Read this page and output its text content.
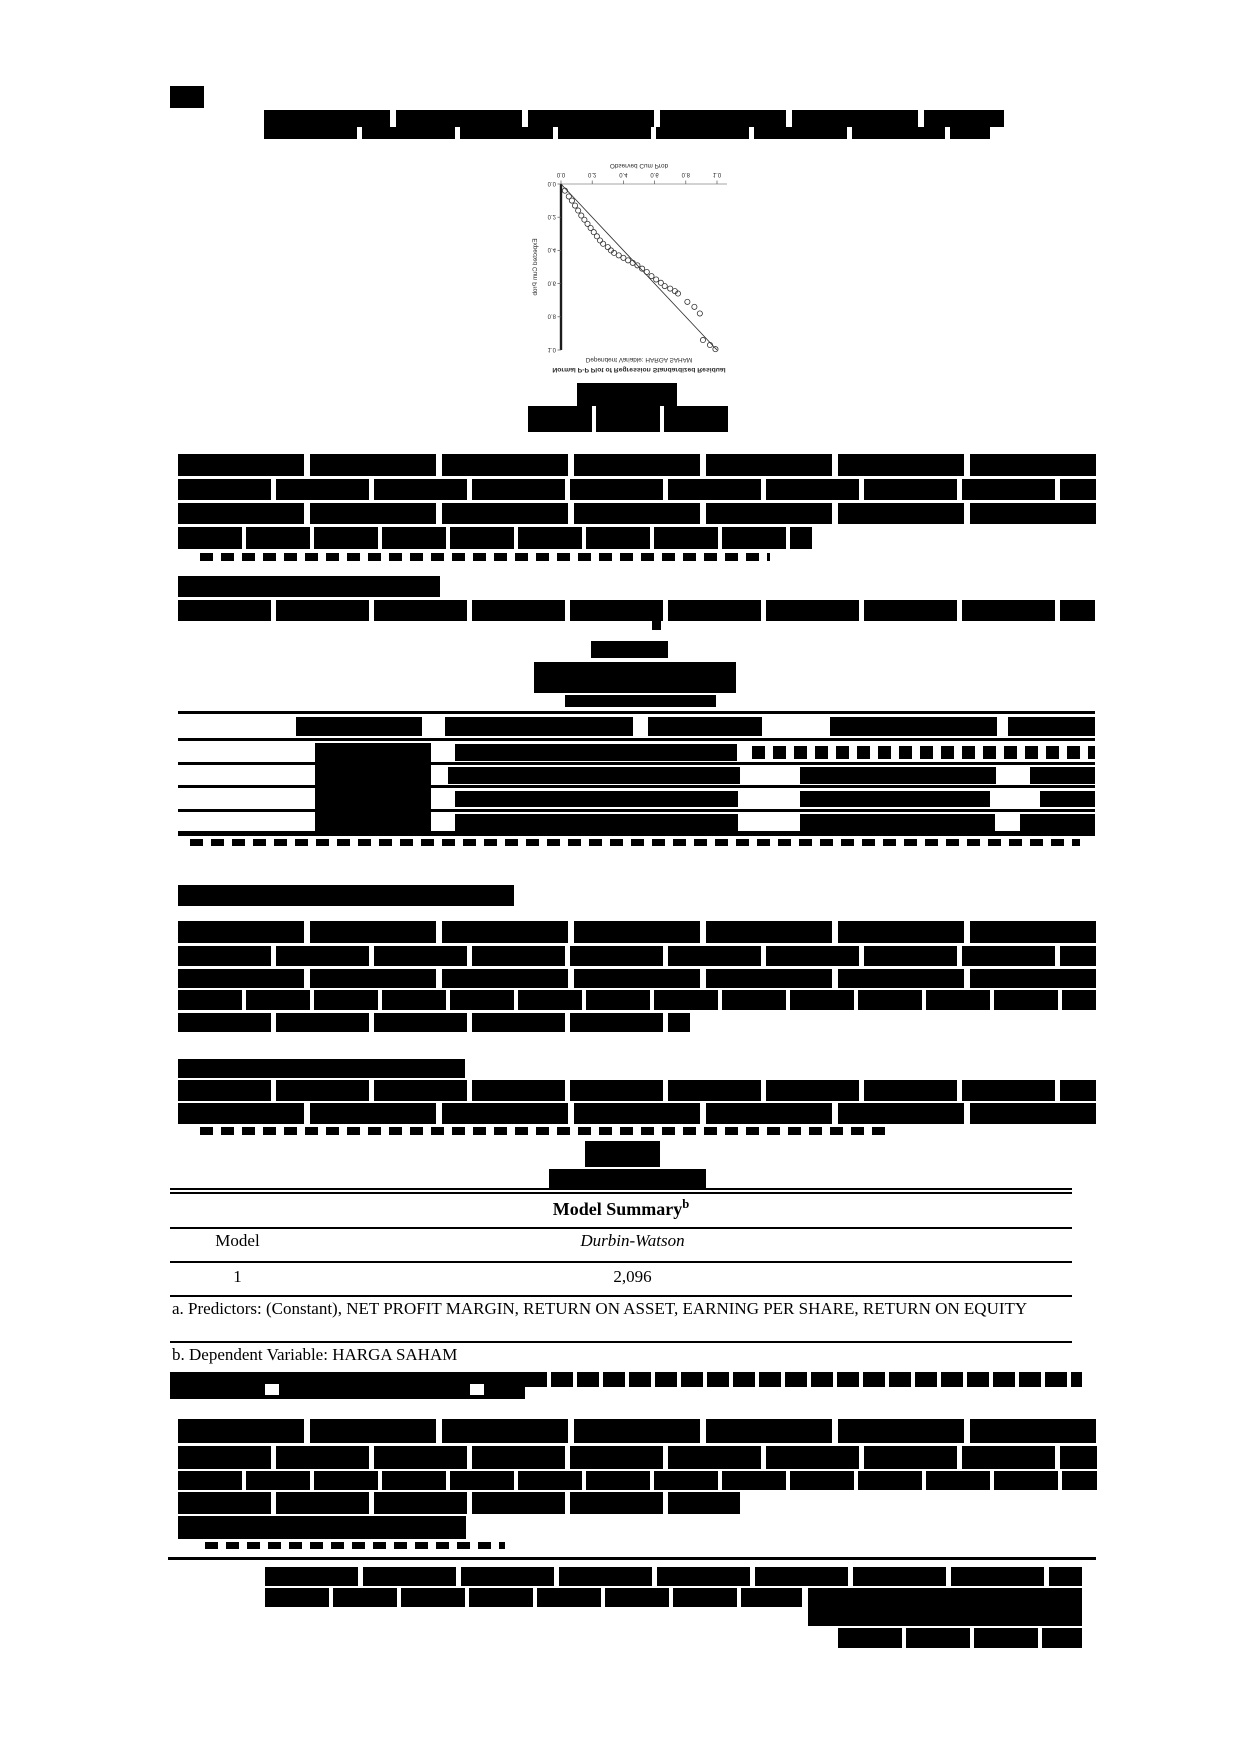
0.0	0.2	0.4	0.6	0.8	1.0
0.0
0.2
0.4
0.6
0.8
1.0
Normal P-P Plot of Regression Standardized Residual
Dependent Variable: HARGA SAHAM
Observed Cum Prob
Expected Cum Prob
Model Summary$^b$
Model	Durbin-Watson
1	2,096
a. Predictors: (Constant), NET PROFIT MARGIN, RETURN ON ASSET, EARNING PER SHARE, RETURN ON EQUITY
b. Dependent Variable: HARGA SAHAM
